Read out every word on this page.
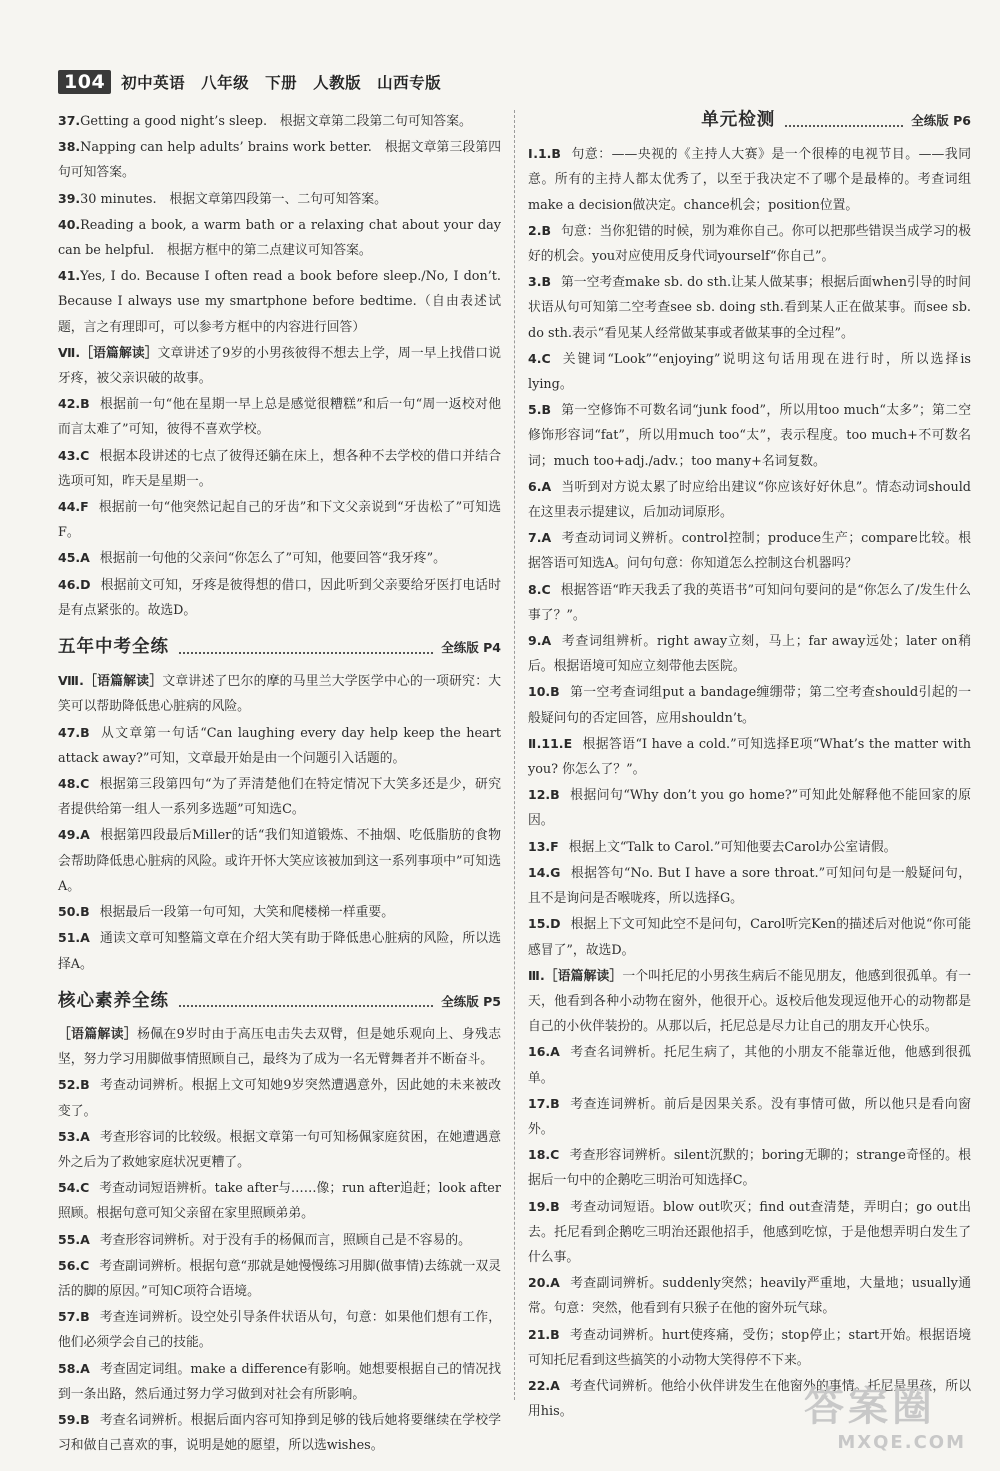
104	初中英语　八年级　下册　人教版　山西专版

37.Getting a good night’s sleep.　根据文章第二段第二句可知答案。

38.Napping can help adults’ brains work better.　根据文章第三段第四句可知答案。

39.30 minutes.　根据文章第四段第一、二句可知答案。

40.Reading a book, a warm bath or a relaxing chat about your day can be helpful.　根据方框中的第二点建议可知答案。

41.Yes, I do. Because I often read a book before sleep./No, I don’t. Because I always use my smartphone before bedtime.（自由表述试题，言之有理即可，可以参考方框中的内容进行回答）

Ⅶ.［语篇解读］文章讲述了9岁的小男孩彼得不想去上学，周一早上找借口说牙疼，被父亲识破的故事。

42.B 根据前一句“他在星期一早上总是感觉很糟糕”和后一句“周一返校对他而言太难了”可知，彼得不喜欢学校。

43.C 根据本段讲述的七点了彼得还躺在床上，想各种不去学校的借口并结合选项可知，昨天是星期一。

44.F 根据前一句“他突然记起自己的牙齿”和下文父亲说到“牙齿松了”可知选F。

45.A 根据前一句他的父亲问“你怎么了”可知，他要回答“我牙疼”。

46.D 根据前文可知，牙疼是彼得想的借口，因此听到父亲要给牙医打电话时是有点紧张的。故选D。

五年中考全练	全练版 P4

Ⅷ.［语篇解读］文章讲述了巴尔的摩的马里兰大学医学中心的一项研究：大笑可以帮助降低患心脏病的风险。

47.B 从文章第一句话“Can laughing every day help keep the heart attack away?”可知，文章最开始是由一个问题引入话题的。

48.C 根据第三段第四句“为了弄清楚他们在特定情况下大笑多还是少，研究者提供给第一组人一系列多选题”可知选C。

49.A 根据第四段最后Miller的话“我们知道锻炼、不抽烟、吃低脂肪的食物会帮助降低患心脏病的风险。或许开怀大笑应该被加到这一系列事项中”可知选A。

50.B 根据最后一段第一句可知，大笑和爬楼梯一样重要。

51.A 通读文章可知整篇文章在介绍大笑有助于降低患心脏病的风险，所以选择A。

核心素养全练	全练版 P5

［语篇解读］杨佩在9岁时由于高压电击失去双臂，但是她乐观向上、身残志坚，努力学习用脚做事情照顾自己，最终为了成为一名无臂舞者并不断奋斗。

52.B 考查动词辨析。根据上文可知她9岁突然遭遇意外，因此她的未来被改变了。

53.A 考查形容词的比较级。根据文章第一句可知杨佩家庭贫困，在她遭遇意外之后为了救她家庭状况更糟了。

54.C 考查动词短语辨析。take after与……像；run after追赶；look after照顾。根据句意可知父亲留在家里照顾弟弟。

55.A 考查形容词辨析。对于没有手的杨佩而言，照顾自己是不容易的。

56.C 考查副词辨析。根据句意“那就是她慢慢练习用脚(做事情)去练就一双灵活的脚的原因。”可知C项符合语境。

57.B 考查连词辨析。设空处引导条件状语从句，句意：如果他们想有工作，他们必须学会自己的技能。

58.A 考查固定词组。make a difference有影响。她想要根据自己的情况找到一条出路，然后通过努力学习做到对社会有所影响。

59.B 考查名词辨析。根据后面内容可知挣到足够的钱后她将要继续在学校学习和做自己喜欢的事，说明是她的愿望，所以选wishes。

单元检测	全练版 P6

Ⅰ.1.B 句意：——央视的《主持人大赛》是一个很棒的电视节目。——我同意。所有的主持人都太优秀了，以至于我决定不了哪个是最棒的。考查词组make a decision做决定。chance机会；position位置。

2.B 句意：当你犯错的时候，别为难你自己。你可以把那些错误当成学习的极好的机会。you对应使用反身代词yourself“你自己”。

3.B 第一空考查make sb. do sth.让某人做某事；根据后面when引导的时间状语从句可知第二空考查see sb. doing sth.看到某人正在做某事。而see sb. do sth.表示“看见某人经常做某事或者做某事的全过程”。

4.C 关键词“Look”“enjoying”说明这句话用现在进行时，所以选择is lying。

5.B 第一空修饰不可数名词“junk food”，所以用too much“太多”；第二空修饰形容词“fat”，所以用much too“太”，表示程度。too much+不可数名词；much too+adj./adv.；too many+名词复数。

6.A 当听到对方说太累了时应给出建议“你应该好好休息”。情态动词should在这里表示提建议，后加动词原形。

7.A 考查动词词义辨析。control控制；produce生产；compare比较。根据答语可知选A。问句句意：你知道怎么控制这台机器吗？

8.C 根据答语“昨天我丢了我的英语书”可知问句要问的是“你怎么了/发生什么事了？”。

9.A 考查词组辨析。right away立刻，马上；far away远处；later on稍后。根据语境可知应立刻带他去医院。

10.B 第一空考查词组put a bandage缠绷带；第二空考查should引起的一般疑问句的否定回答，应用shouldn’t。

Ⅱ.11.E 根据答语“I have a cold.”可知选择E项“What’s the matter with you? 你怎么了？”。

12.B 根据问句“Why don’t you go home?”可知此处解释他不能回家的原因。

13.F 根据上文“Talk to Carol.”可知他要去Carol办公室请假。

14.G 根据答句“No. But I have a sore throat.”可知问句是一般疑问句，且不是询问是否喉咙疼，所以选择G。

15.D 根据上下文可知此空不是问句，Carol听完Ken的描述后对他说“你可能感冒了”，故选D。

Ⅲ.［语篇解读］一个叫托尼的小男孩生病后不能见朋友，他感到很孤单。有一天，他看到各种小动物在窗外，他很开心。返校后他发现逗他开心的动物都是自己的小伙伴装扮的。从那以后，托尼总是尽力让自己的朋友开心快乐。

16.A 考查名词辨析。托尼生病了，其他的小朋友不能靠近他，他感到很孤单。

17.B 考查连词辨析。前后是因果关系。没有事情可做，所以他只是看向窗外。

18.C 考查形容词辨析。silent沉默的；boring无聊的；strange奇怪的。根据后一句中的企鹅吃三明治可知选择C。

19.B 考查动词短语。blow out吹灭；find out查清楚，弄明白；go out出去。托尼看到企鹅吃三明治还跟他招手，他感到吃惊，于是他想弄明白发生了什么事。

20.A 考查副词辨析。suddenly突然；heavily严重地，大量地；usually通常。句意：突然，他看到有只猴子在他的窗外玩气球。

21.B 考查动词辨析。hurt使疼痛，受伤；stop停止；start开始。根据语境可知托尼看到这些搞笑的小动物大笑得停不下来。

22.A 考查代词辨析。他给小伙伴讲发生在他窗外的事情。托尼是男孩，所以用his。	答案圈
MXQE.COM
